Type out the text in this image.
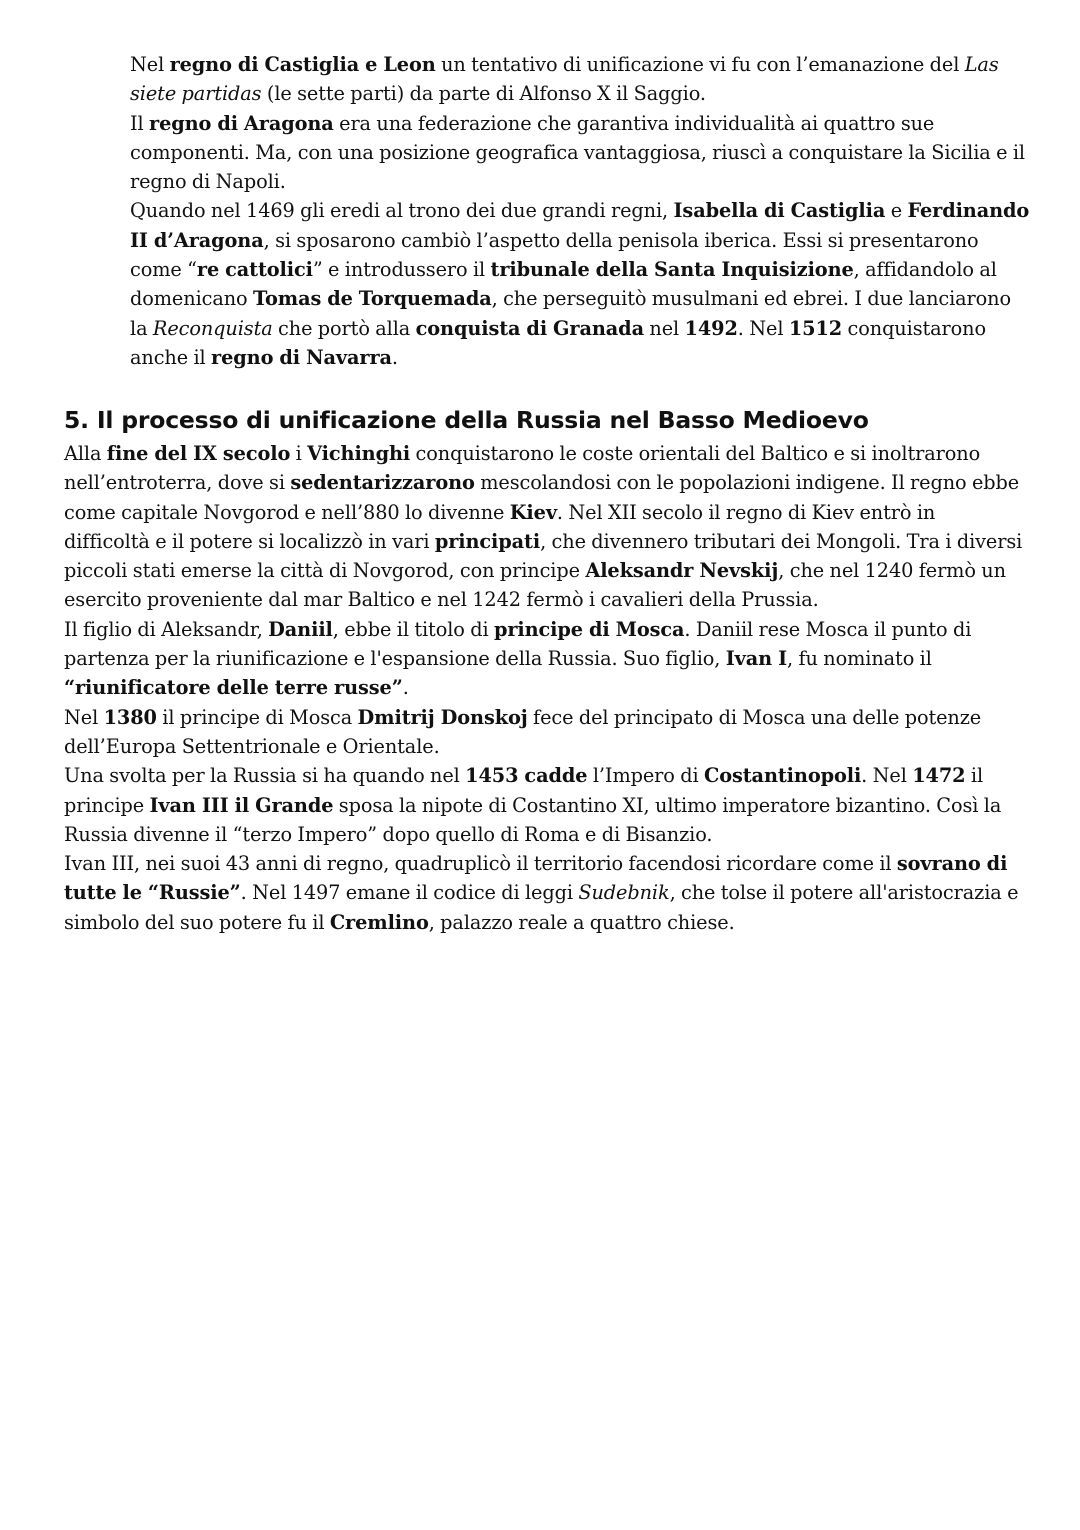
Nel regno di Castiglia e Leon un tentativo di unificazione vi fu con l’emanazione del Las siete partidas (le sette parti) da parte di Alfonso X il Saggio.

Il regno di Aragona era una federazione che garantiva individualità ai quattro sue componenti. Ma, con una posizione geografica vantaggiosa, riuscì a conquistare la Sicilia e il regno di Napoli.

Quando nel 1469 gli eredi al trono dei due grandi regni, Isabella di Castiglia e Ferdinando II d’Aragona, si sposarono cambiò l’aspetto della penisola iberica. Essi si presentarono come “re cattolici” e introdussero il tribunale della Santa Inquisizione, affidandolo al domenicano Tomas de Torquemada, che perseguitò musulmani ed ebrei. I due lanciarono la Reconquista che portò alla conquista di Granada nel 1492. Nel 1512 conquistarono anche il regno di Navarra.

5. Il processo di unificazione della Russia nel Basso Medioevo

Alla fine del IX secolo i Vichinghi conquistarono le coste orientali del Baltico e si inoltrarono nell’entroterra, dove si sedentarizzarono mescolandosi con le popolazioni indigene. Il regno ebbe come capitale Novgorod e nell’880 lo divenne Kiev. Nel XII secolo il regno di Kiev entrò in difficoltà e il potere si localizzò in vari principati, che divennero tributari dei Mongoli. Tra i diversi piccoli stati emerse la città di Novgorod, con principe Aleksandr Nevskij, che nel 1240 fermò un esercito proveniente dal mar Baltico e nel 1242 fermò i cavalieri della Prussia.

Il figlio di Aleksandr, Daniil, ebbe il titolo di principe di Mosca. Daniil rese Mosca il punto di partenza per la riunificazione e l'espansione della Russia. Suo figlio, Ivan I, fu nominato il “riunificatore delle terre russe”.

Nel 1380 il principe di Mosca Dmitrij Donskoj fece del principato di Mosca una delle potenze dell’Europa Settentrionale e Orientale.

Una svolta per la Russia si ha quando nel 1453 cadde l’Impero di Costantinopoli. Nel 1472 il principe Ivan III il Grande sposa la nipote di Costantino XI, ultimo imperatore bizantino. Così la Russia divenne il “terzo Impero” dopo quello di Roma e di Bisanzio.

Ivan III, nei suoi 43 anni di regno, quadruplicò il territorio facendosi ricordare come il sovrano di tutte le “Russie”. Nel 1497 emane il codice di leggi Sudebnik, che tolse il potere all'aristocrazia e simbolo del suo potere fu il Cremlino, palazzo reale a quattro chiese.
